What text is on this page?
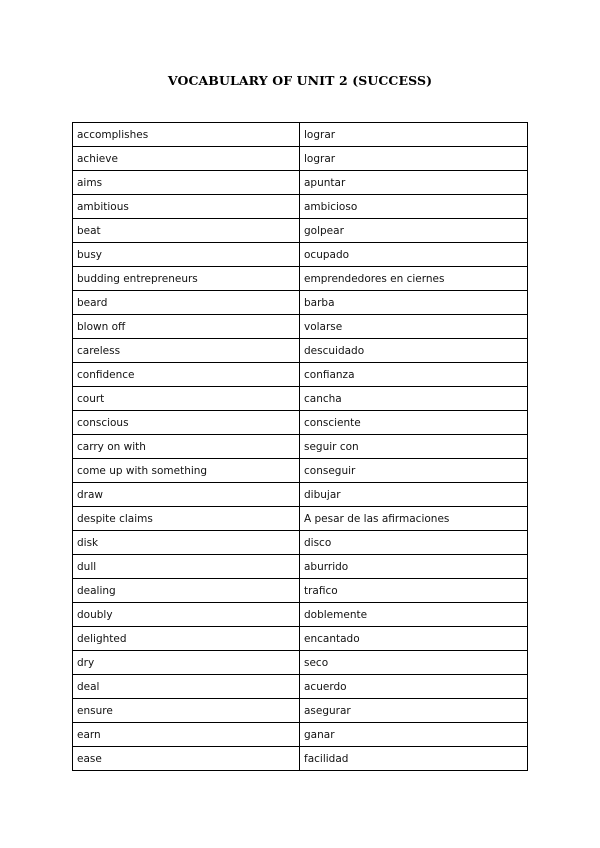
VOCABULARY OF UNIT 2 (SUCCESS)
accomplishes	lograr
achieve	lograr
aims	apuntar
ambitious	ambicioso
beat	golpear
busy	ocupado
budding entrepreneurs	emprendedores en ciernes
beard	barba
blown off	volarse
careless	descuidado
confidence	confianza
court	cancha
conscious	consciente
carry on with	seguir con
come up with something	conseguir
draw	dibujar
despite claims	A pesar de las afirmaciones
disk	disco
dull	aburrido
dealing	trafico
doubly	doblemente
delighted	encantado
dry	seco
deal	acuerdo
ensure	asegurar
earn	ganar
ease	facilidad
